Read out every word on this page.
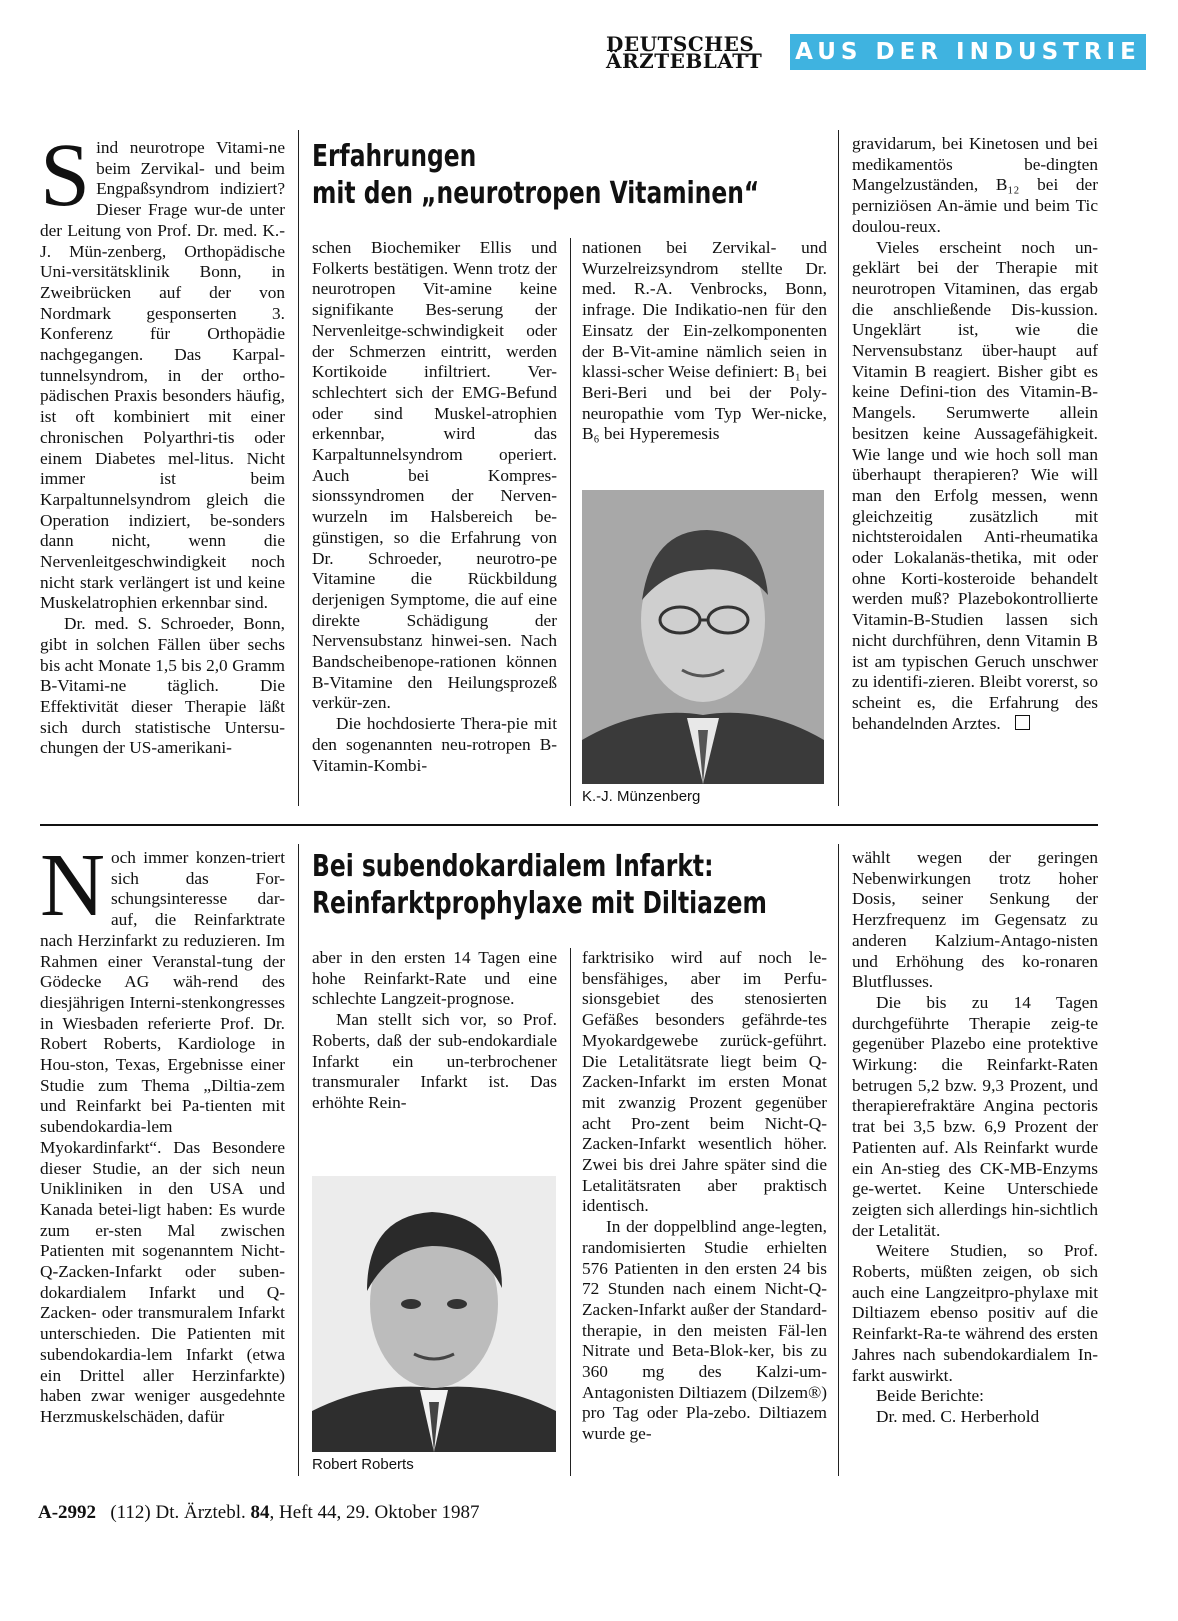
DEUTSCHES
ÄRZTEBLATT	AUS DER INDUSTRIE
S ind neurotrope Vitami-ne beim Zervikal- und beim Engpaßsyndrom indiziert? Dieser Frage wur-de unter der Leitung von Prof. Dr. med. K.-J. Mün-zenberg, Orthopädische Uni-versitätsklinik Bonn, in Zweibrücken auf der von Nordmark gesponserten 3. Konferenz für Orthopädie nachgegangen. Das Karpal-tunnelsyndrom, in der ortho-pädischen Praxis besonders häufig, ist oft kombiniert mit einer chronischen Polyarthri-tis oder einem Diabetes mel-litus. Nicht immer ist beim Karpaltunnelsyndrom gleich die Operation indiziert, be-sonders dann nicht, wenn die Nervenleitgeschwindigkeit noch nicht stark verlängert ist und keine Muskelatrophien erkennbar sind.

Dr. med. S. Schroeder, Bonn, gibt in solchen Fällen über sechs bis acht Monate 1,5 bis 2,0 Gramm B-Vitami-ne täglich. Die Effektivität dieser Therapie läßt sich durch statistische Untersu-chungen der US-amerikani-

Erfahrungen
mit den „neurotropen Vitaminen“

schen Biochemiker Ellis und Folkerts bestätigen. Wenn trotz der neurotropen Vit-amine keine signifikante Bes-serung der Nervenleitge-schwindigkeit oder der Schmerzen eintritt, werden Kortikoide infiltriert. Ver-schlechtert sich der EMG-Befund oder sind Muskel-atrophien erkennbar, wird das Karpaltunnelsyndrom operiert. Auch bei Kompres-sionssyndromen der Nerven-wurzeln im Halsbereich be-günstigen, so die Erfahrung von Dr. Schroeder, neurotro-pe Vitamine die Rückbildung derjenigen Symptome, die auf eine direkte Schädigung der Nervensubstanz hinwei-sen. Nach Bandscheibenope-rationen können B-Vitamine den Heilungsprozeß verkür-zen.

Die hochdosierte Thera-pie mit den sogenannten neu-rotropen B-Vitamin-Kombi-

nationen bei Zervikal- und Wurzelreizsyndrom stellte Dr. med. R.-A. Venbrocks, Bonn, infrage. Die Indikatio-nen für den Einsatz der Ein-zelkomponenten der B-Vit-amine nämlich seien in klassi-scher Weise definiert: B₁ bei Beri-Beri und bei der Poly-neuropathie vom Typ Wer-nicke, B₆ bei Hyperemesis

K.-J. Münzenberg

gravidarum, bei Kinetosen und bei medikamentös be-dingten Mangelzuständen, B₁₂ bei der perniziösen An-ämie und beim Tic doulou-reux.

Vieles erscheint noch un-geklärt bei der Therapie mit neurotropen Vitaminen, das ergab die anschließende Dis-kussion. Ungeklärt ist, wie die Nervensubstanz über-haupt auf Vitamin B reagiert. Bisher gibt es keine Defini-tion des Vitamin-B-Mangels. Serumwerte allein besitzen keine Aussagefähigkeit. Wie lange und wie hoch soll man überhaupt therapieren? Wie will man den Erfolg messen, wenn gleichzeitig zusätzlich mit nichtsteroidalen Anti-rheumatika oder Lokalanäs-thetika, mit oder ohne Korti-kosteroide behandelt werden muß? Plazebokontrollierte Vitamin-B-Studien lassen sich nicht durchführen, denn Vitamin B ist am typischen Geruch unschwer zu identifi-zieren. Bleibt vorerst, so scheint es, die Erfahrung des behandelnden Arztes.

N och immer konzen-triert sich das For-schungsinteresse dar-auf, die Reinfarktrate nach Herzinfarkt zu reduzieren. Im Rahmen einer Veranstal-tung der Gödecke AG wäh-rend des diesjährigen Interni-stenkongresses in Wiesbaden referierte Prof. Dr. Robert Roberts, Kardiologe in Hou-ston, Texas, Ergebnisse einer Studie zum Thema „Diltia-zem und Reinfarkt bei Pa-tienten mit subendokardia-lem Myokardinfarkt“. Das Besondere dieser Studie, an der sich neun Unikliniken in den USA und Kanada betei-ligt haben: Es wurde zum er-sten Mal zwischen Patienten mit sogenanntem Nicht-Q-Zacken-Infarkt oder suben-dokardialem Infarkt und Q-Zacken- oder transmuralem Infarkt unterschieden. Die Patienten mit subendokardia-lem Infarkt (etwa ein Drittel aller Herzinfarkte) haben zwar weniger ausgedehnte Herzmuskelschäden, dafür

Bei subendokardialem Infarkt:
Reinfarktprophylaxe mit Diltiazem

aber in den ersten 14 Tagen eine hohe Reinfarkt-Rate und eine schlechte Langzeit-prognose.

Man stellt sich vor, so Prof. Roberts, daß der sub-endokardiale Infarkt ein un-terbrochener transmuraler Infarkt ist. Das erhöhte Rein-

Robert Roberts

farktrisiko wird auf noch le-bensfähiges, aber im Perfu-sionsgebiet des stenosierten Gefäßes besonders gefährde-tes Myokardgewebe zurück-geführt. Die Letalitätsrate liegt beim Q-Zacken-Infarkt im ersten Monat mit zwanzig Prozent gegenüber acht Pro-zent beim Nicht-Q-Zacken-Infarkt wesentlich höher. Zwei bis drei Jahre später sind die Letalitätsraten aber praktisch identisch.

In der doppelblind ange-legten, randomisierten Studie erhielten 576 Patienten in den ersten 24 bis 72 Stunden nach einem Nicht-Q-Zacken-Infarkt außer der Standard-therapie, in den meisten Fäl-len Nitrate und Beta-Blok-ker, bis zu 360 mg des Kalzi-um-Antagonisten Diltiazem (Dilzem®) pro Tag oder Pla-zebo. Diltiazem wurde ge-

wählt wegen der geringen Nebenwirkungen trotz hoher Dosis, seiner Senkung der Herzfrequenz im Gegensatz zu anderen Kalzium-Antago-nisten und Erhöhung des ko-ronaren Blutflusses.

Die bis zu 14 Tagen durchgeführte Therapie zeig-te gegenüber Plazebo eine protektive Wirkung: die Reinfarkt-Raten betrugen 5,2 bzw. 9,3 Prozent, und therapierefraktäre Angina pectoris trat bei 3,5 bzw. 6,9 Prozent der Patienten auf. Als Reinfarkt wurde ein An-stieg des CK-MB-Enzyms ge-wertet. Keine Unterschiede zeigten sich allerdings hin-sichtlich der Letalität.

Weitere Studien, so Prof. Roberts, müßten zeigen, ob sich auch eine Langzeitpro-phylaxe mit Diltiazem ebenso positiv auf die Reinfarkt-Ra-te während des ersten Jahres nach subendokardialem In-farkt auswirkt.

Beide Berichte:

Dr. med. C. Herberhold

A-2992 (112) Dt. Ärztebl. 84, Heft 44, 29. Oktober 1987
